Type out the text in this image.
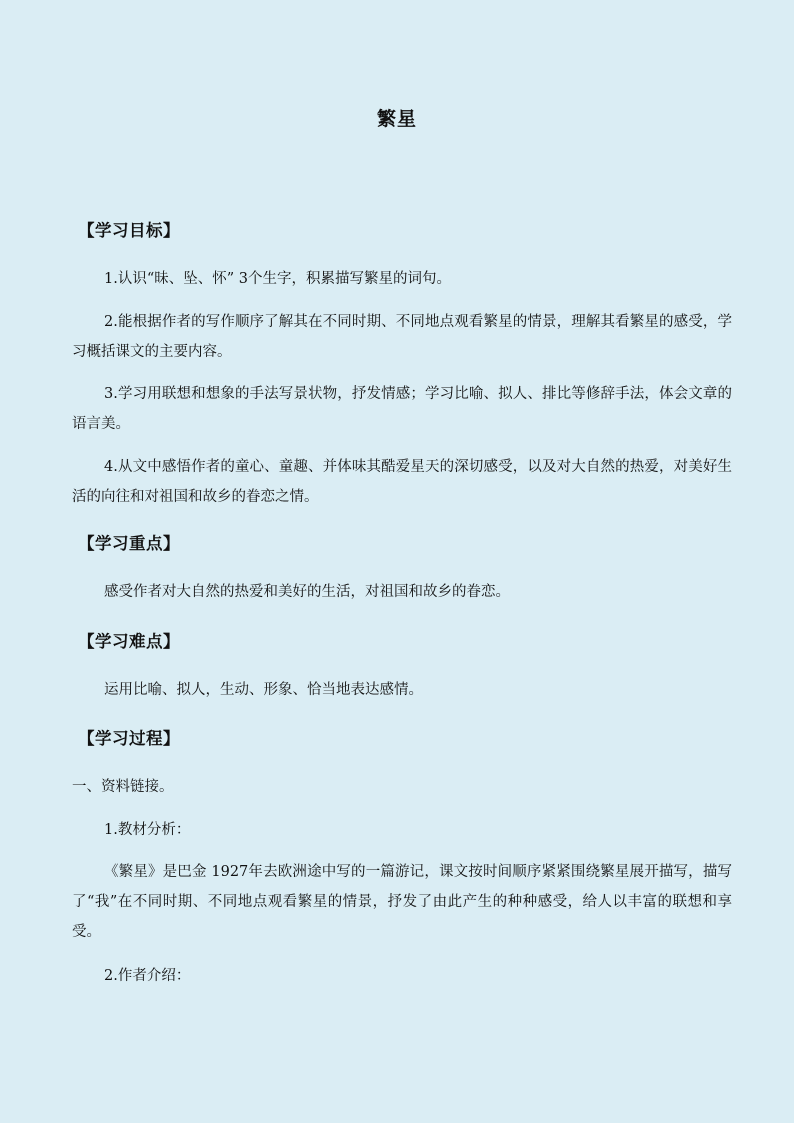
繁星
【学习目标】
1.认识“昧、坠、怀” 3个生字，积累描写繁星的词句。
2.能根据作者的写作顺序了解其在不同时期、不同地点观看繁星的情景，理解其看繁星的感受，学习概括课文的主要内容。
3.学习用联想和想象的手法写景状物，抒发情感；学习比喻、拟人、排比等修辞手法，体会文章的语言美。
4.从文中感悟作者的童心、童趣、并体味其酷爱星天的深切感受，以及对大自然的热爱，对美好生活的向往和对祖国和故乡的眷恋之情。
【学习重点】
感受作者对大自然的热爱和美好的生活，对祖国和故乡的眷恋。
【学习难点】
运用比喻、拟人，生动、形象、恰当地表达感情。
【学习过程】
一、资料链接。
1.教材分析：
《繁星》是巴金 1927年去欧洲途中写的一篇游记，课文按时间顺序紧紧围绕繁星展开描写，描写了“我”在不同时期、不同地点观看繁星的情景，抒发了由此产生的种种感受，给人以丰富的联想和享受。
2.作者介绍：
